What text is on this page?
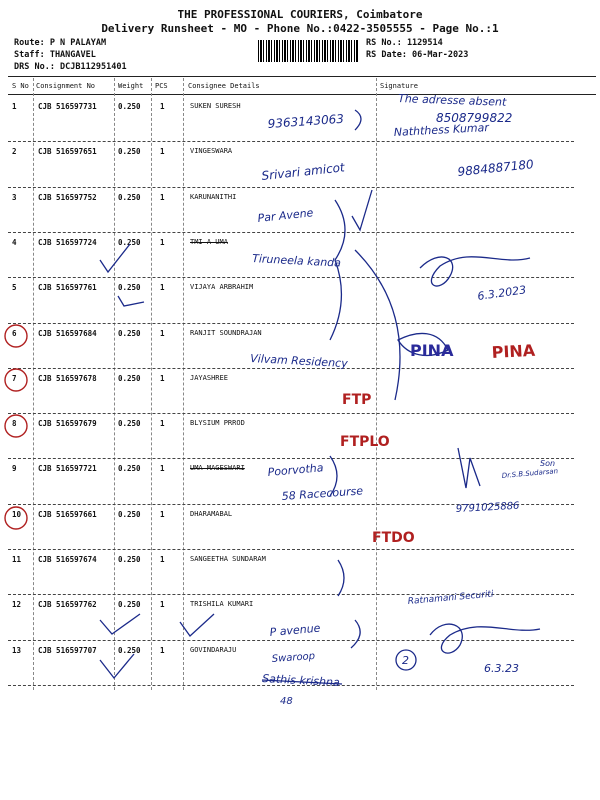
THE PROFESSIONAL COURIERS, Coimbatore
Delivery Runsheet - MO - Phone No.:0422-3505555 - Page No.:1
Route: P N PALAYAM
Staff: THANGAVEL
DRS No.: DCJB112951401
RS No.: 1129514
RS Date: 06-Mar-2023
S No Consignment No	Weight PCS	Consignee Details	Signature
1	CJB 516597731	0.250	1	SUKEN SURESH
2	CJB 516597651	0.250	1	VINGESWARA
3	CJB 516597752	0.250	1	KARUNANITHI
4	CJB 516597724	0.250	1	TMI A UMA
5	CJB 516597761	0.250	1	VIJAYA ARBRAHIM
6	CJB 516597684	0.250	1	RANJIT SOUNDRAJAN
7	CJB 516597678	0.250	1	JAYASHREE
8	CJB 516597679	0.250	1	BLYSIUM PRROD
9	CJB 516597721	0.250	1	UMA MAGESWARI
10 CJB 516597661	0.250	1	DHARAMABAL
11 CJB 516597674	0.250	1	SANGEETHA SUNDARAM
12 CJB 516597762	0.250	1	TRISHILA KUMARI
13 CJB 516597707	0.250	1	GOVINDARAJU
The adresse absent
9363143063	8508799822
Naththess Kumar
Srivari amicot	9884887180
Par Avene
Tiruneela kanda
6.3.2023
Vilvam Residency
Poorvotha
58 Racecourse
Son
Dr.S.B.Sudarsan
9791025886
Ratnamani Securiti
P avenue
Swaroop
Sathis krishna
48
2
6.3.23
PINA PINA
FTP
FTPLO
FTDO
